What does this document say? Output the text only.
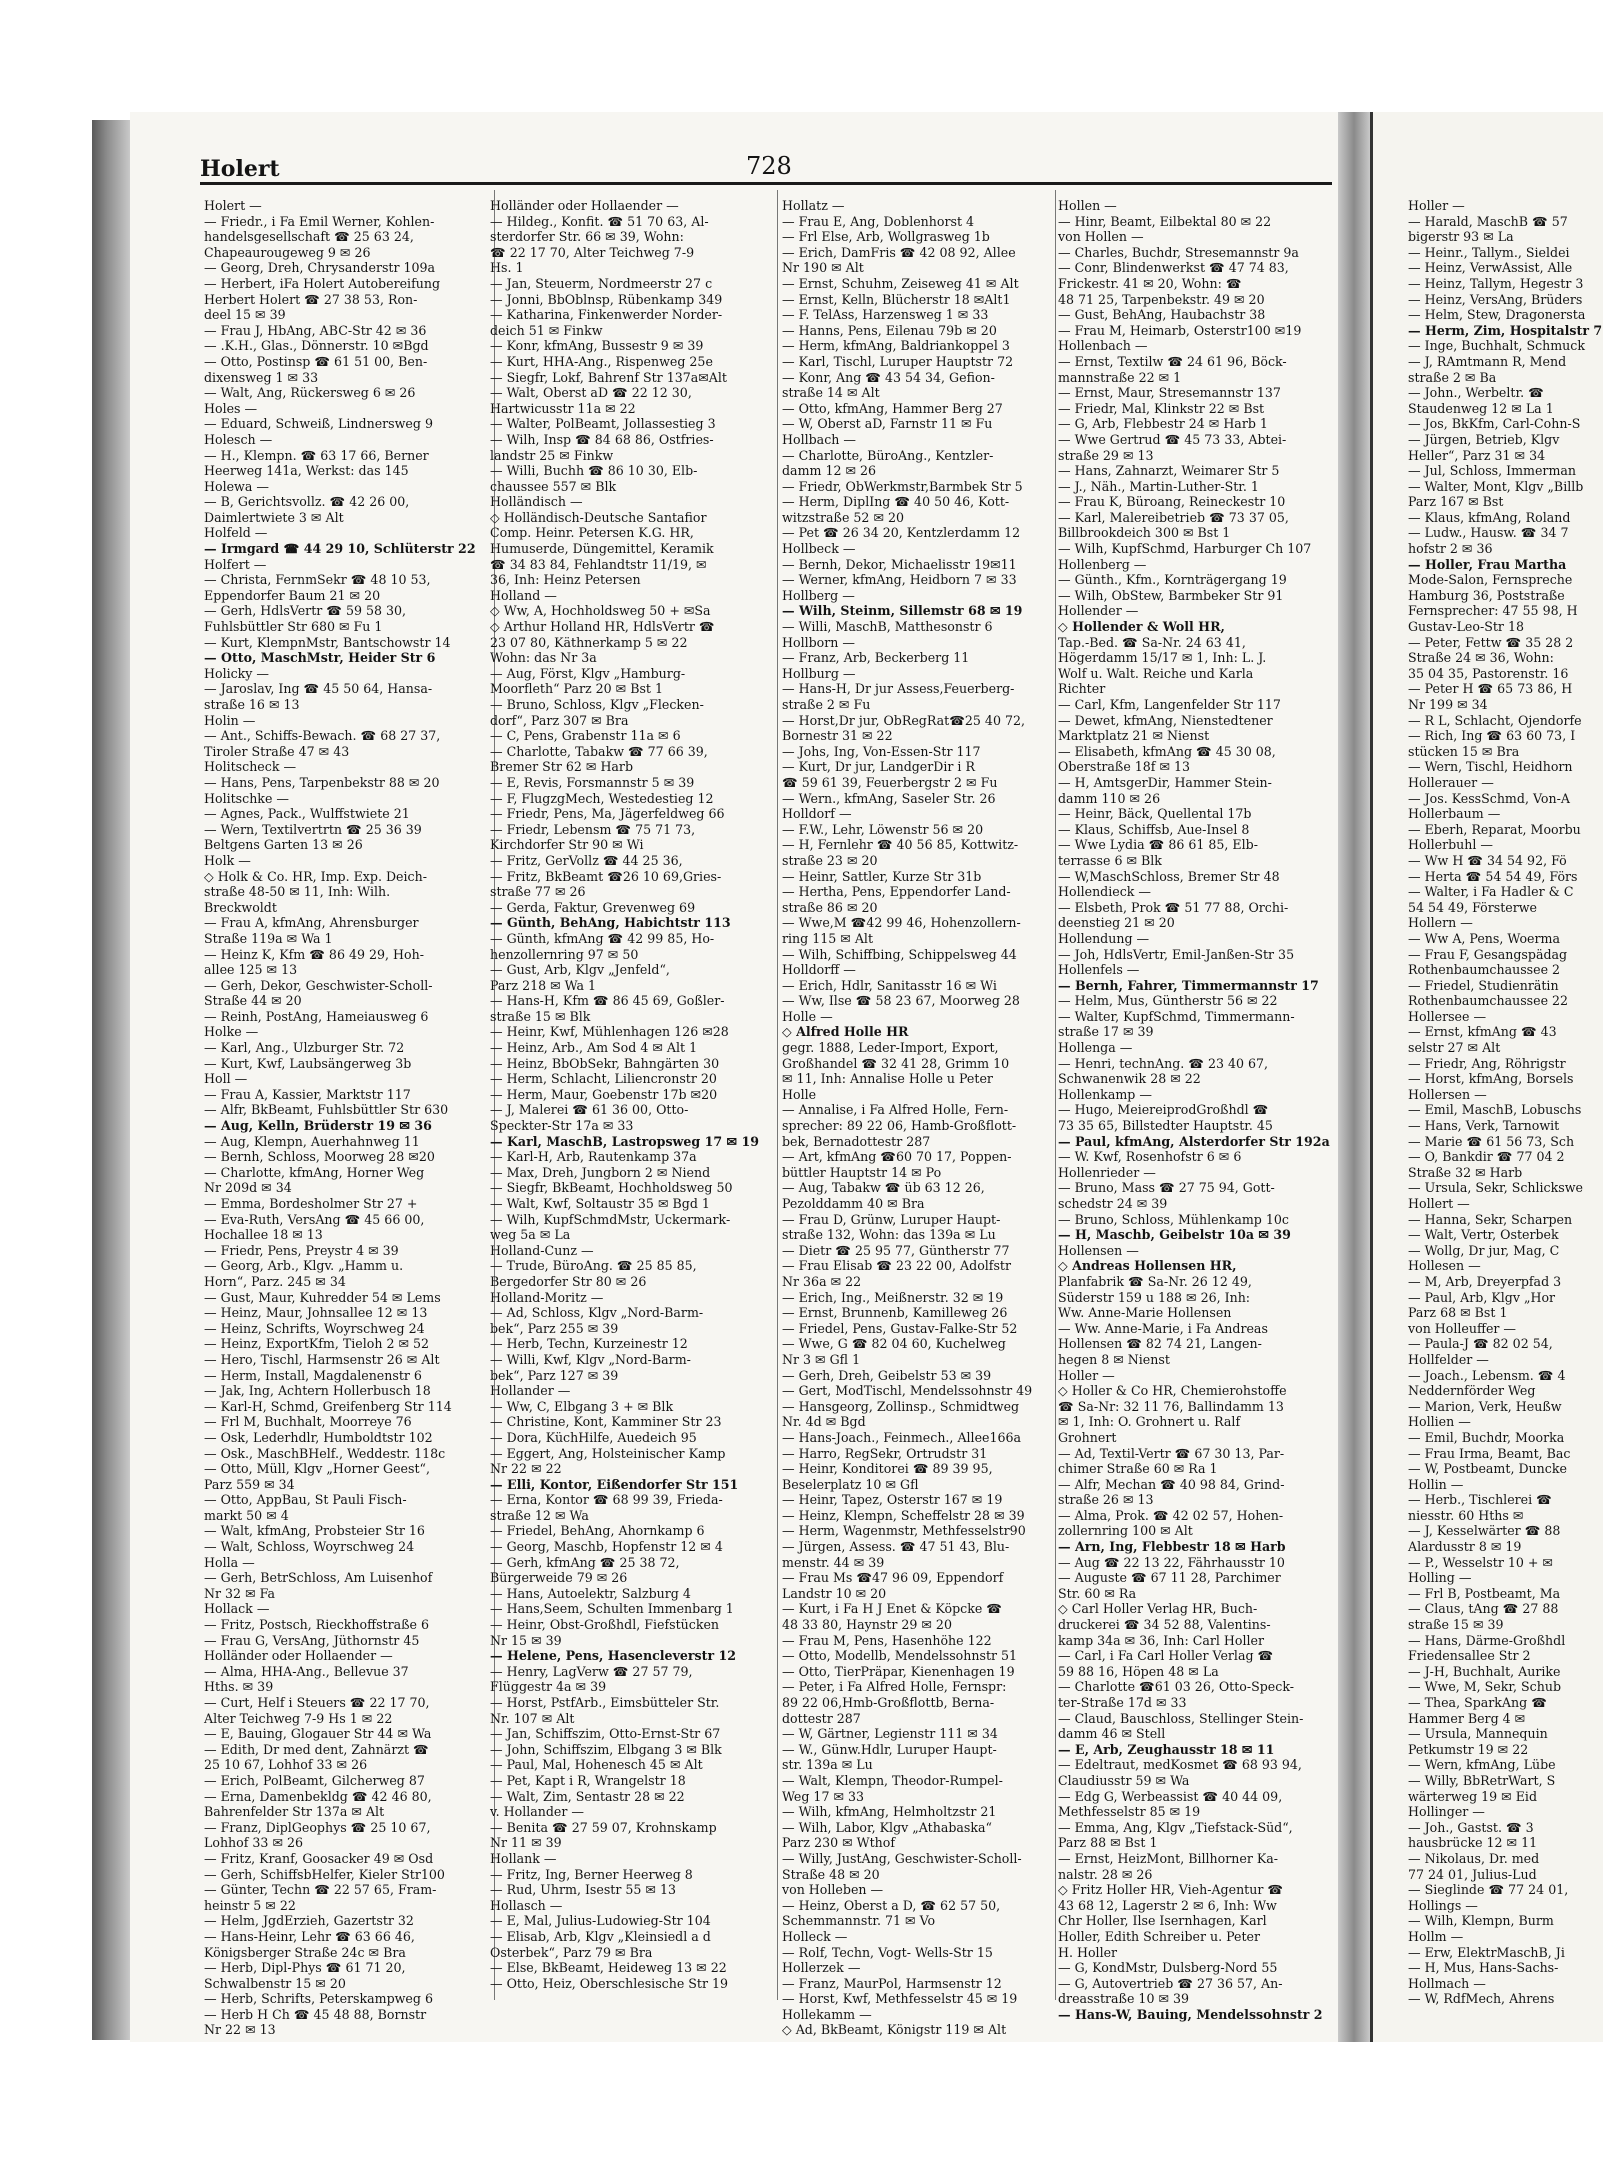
Holert	728
Holert —
— Friedr., i Fa Emil Werner, Kohlen-
handelsgesellschaft ☎ 25 63 24,
Chapeaurougeweg 9 ✉ 26
— Georg, Dreh, Chrysanderstr 109a
— Herbert, iFa Holert Autobereifung
Herbert Holert ☎ 27 38 53, Ron-
deel 15 ✉ 39
— Frau J, HbAng, ABC-Str 42 ✉ 36
— .K.H., Glas., Dönnerstr. 10 ✉Bgd
— Otto, Postinsp ☎ 61 51 00, Ben-
dixensweg 1 ✉ 33
— Walt, Ang, Rückersweg 6 ✉ 26
Holes —
— Eduard, Schweiß, Lindnersweg 9
Holesch —
— H., Klempn. ☎ 63 17 66, Berner
Heerweg 141a, Werkst: das 145
Holewa —
— B, Gerichtsvollz. ☎ 42 26 00,
Daimlertwiete 3 ✉ Alt
Holfeld —
— Irmgard ☎ 44 29 10, Schlüterstr 22
Holfert —
— Christa, FernmSekr ☎ 48 10 53,
Eppendorfer Baum 21 ✉ 20
— Gerh, HdlsVertr ☎ 59 58 30,
Fuhlsbüttler Str 680 ✉ Fu 1
— Kurt, KlempnMstr, Bantschowstr 14
— Otto, MaschMstr, Heider Str 6
Holicky —
— Jaroslav, Ing ☎ 45 50 64, Hansa-
straße 16 ✉ 13
Holin —
— Ant., Schiffs-Bewach. ☎ 68 27 37,
Tiroler Straße 47 ✉ 43
Holitscheck —
— Hans, Pens, Tarpenbekstr 88 ✉ 20
Holitschke —
— Agnes, Pack., Wulffstwiete 21
— Wern, Textilvertrtn ☎ 25 36 39
Beltgens Garten 13 ✉ 26
Holk —
◇ Holk & Co. HR, Imp. Exp. Deich-
straße 48-50 ✉ 11, Inh: Wilh.
Breckwoldt
— Frau A, kfmAng, Ahrensburger
Straße 119a ✉ Wa 1
— Heinz K, Kfm ☎ 86 49 29, Hoh-
allee 125 ✉ 13
— Gerh, Dekor, Geschwister-Scholl-
Straße 44 ✉ 20
— Reinh, PostAng, Hameiausweg 6
Holke —
— Karl, Ang., Ulzburger Str. 72
— Kurt, Kwf, Laubsängerweg 3b
Holl —
— Frau A, Kassier, Marktstr 117
— Alfr, BkBeamt, Fuhlsbüttler Str 630
— Aug, Kelln, Brüderstr 19 ✉ 36
— Aug, Klempn, Auerhahnweg 11
— Bernh, Schloss, Moorweg 28 ✉20
— Charlotte, kfmAng, Horner Weg
Nr 209d ✉ 34
— Emma, Bordesholmer Str 27 +
— Eva-Ruth, VersAng ☎ 45 66 00,
Hochallee 18 ✉ 13
— Friedr, Pens, Preystr 4 ✉ 39
— Georg, Arb., Klgv. „Hamm u.
Horn“, Parz. 245 ✉ 34
— Gust, Maur, Kuhredder 54 ✉ Lems
— Heinz, Maur, Johnsallee 12 ✉ 13
— Heinz, Schrifts, Woyrschweg 24
— Heinz, ExportKfm, Tieloh 2 ✉ 52
— Hero, Tischl, Harmsenstr 26 ✉ Alt
— Herm, Install, Magdalenenstr 6
— Jak, Ing, Achtern Hollerbusch 18
— Karl-H, Schmd, Greifenberg Str 114
— Frl M, Buchhalt, Moorreye 76
— Osk, Lederhdlr, Humboldtstr 102
— Osk., MaschBHelf., Weddestr. 118c
— Otto, Müll, Klgv „Horner Geest“,
Parz 559 ✉ 34
— Otto, AppBau, St Pauli Fisch-
markt 50 ✉ 4
— Walt, kfmAng, Probsteier Str 16
— Walt, Schloss, Woyrschweg 24
Holla —
— Gerh, BetrSchloss, Am Luisenhof
Nr 32 ✉ Fa
Hollack —
— Fritz, Postsch, Rieckhoffstraße 6
— Frau G, VersAng, Jüthornstr 45
Holländer oder Hollaender —
— Alma, HHA-Ang., Bellevue 37
Hths. ✉ 39
— Curt, Helf i Steuers ☎ 22 17 70,
Alter Teichweg 7-9 Hs 1 ✉ 22
— E, Bauing, Glogauer Str 44 ✉ Wa
— Edith, Dr med dent, Zahnärzt ☎
25 10 67, Lohhof 33 ✉ 26
— Erich, PolBeamt, Gilcherweg 87
— Erna, Damenbekldg ☎ 42 46 80,
Bahrenfelder Str 137a ✉ Alt
— Franz, DiplGeophys ☎ 25 10 67,
Lohhof 33 ✉ 26
— Fritz, Kranf, Goosacker 49 ✉ Osd
— Gerh, SchiffsbHelfer, Kieler Str100
— Günter, Techn ☎ 22 57 65, Fram-
heinstr 5 ✉ 22
— Helm, JgdErzieh, Gazertstr 32
— Hans-Heinr, Lehr ☎ 63 66 46,
Königsberger Straße 24c ✉ Bra
— Herb, Dipl-Phys ☎ 61 71 20,
Schwalbenstr 15 ✉ 20
— Herb, Schrifts, Peterskampweg 6
— Herb H Ch ☎ 45 48 88, Bornstr
Nr 22 ✉ 13
Holländer oder Hollaender —
— Hildeg., Konfit. ☎ 51 70 63, Al-
sterdorfer Str. 66 ✉ 39, Wohn:
☎ 22 17 70, Alter Teichweg 7-9
Hs. 1
— Jan, Steuerm, Nordmeerstr 27 c
— Jonni, BbOblnsp, Rübenkamp 349
— Katharina, Finkenwerder Norder-
deich 51 ✉ Finkw
— Konr, kfmAng, Bussestr 9 ✉ 39
— Kurt, HHA-Ang., Rispenweg 25e
— Siegfr, Lokf, Bahrenf Str 137a✉Alt
— Walt, Oberst aD ☎ 22 12 30,
Hartwicusstr 11a ✉ 22
— Walter, PolBeamt, Jollassestieg 3
— Wilh, Insp ☎ 84 68 86, Ostfries-
landstr 25 ✉ Finkw
— Willi, Buchh ☎ 86 10 30, Elb-
chaussee 557 ✉ Blk
Holländisch —
◇ Holländisch-Deutsche Santafior
Comp. Heinr. Petersen K.G. HR,
Humuserde, Düngemittel, Keramik
☎ 34 83 84, Fehlandtstr 11/19, ✉
36, Inh: Heinz Petersen
Holland —
◇ Ww, A, Hochholdsweg 50 + ✉Sa
◇ Arthur Holland HR, HdlsVertr ☎
23 07 80, Käthnerkamp 5 ✉ 22
Wohn: das Nr 3a
— Aug, Först, Klgv „Hamburg-
Moorfleth“ Parz 20 ✉ Bst 1
— Bruno, Schloss, Klgv „Flecken-
dorf“, Parz 307 ✉ Bra
— C, Pens, Grabenstr 11a ✉ 6
— Charlotte, Tabakw ☎ 77 66 39,
Bremer Str 62 ✉ Harb
— E, Revis, Forsmannstr 5 ✉ 39
— F, FlugzgMech, Westedestieg 12
— Friedr, Pens, Ma, Jägerfeldweg 66
— Friedr, Lebensm ☎ 75 71 73,
Kirchdorfer Str 90 ✉ Wi
— Fritz, GerVollz ☎ 44 25 36,
— Fritz, BkBeamt ☎26 10 69,Gries-
straße 77 ✉ 26
— Gerda, Faktur, Grevenweg 69
— Günth, BehAng, Habichtstr 113
— Günth, kfmAng ☎ 42 99 85, Ho-
henzollernring 97 ✉ 50
— Gust, Arb, Klgv „Jenfeld“,
Parz 218 ✉ Wa 1
— Hans-H, Kfm ☎ 86 45 69, Goßler-
straße 15 ✉ Blk
— Heinr, Kwf, Mühlenhagen 126 ✉28
— Heinz, Arb., Am Sod 4 ✉ Alt 1
— Heinz, BbObSekr, Bahngärten 30
— Herm, Schlacht, Liliencronstr 20
— Herm, Maur, Goebenstr 17b ✉20
— J, Malerei ☎ 61 36 00, Otto-
Speckter-Str 17a ✉ 33
— Karl, MaschB, Lastropsweg 17 ✉ 19
— Karl-H, Arb, Rautenkamp 37a
— Max, Dreh, Jungborn 2 ✉ Niend
— Siegfr, BkBeamt, Hochholdsweg 50
— Walt, Kwf, Soltaustr 35 ✉ Bgd 1
— Wilh, KupfSchmdMstr, Uckermark-
weg 5a ✉ La
Holland-Cunz —
— Trude, BüroAng. ☎ 25 85 85,
Bergedorfer Str 80 ✉ 26
Holland-Moritz —
— Ad, Schloss, Klgv „Nord-Barm-
bek“, Parz 255 ✉ 39
— Herb, Techn, Kurzeinestr 12
— Willi, Kwf, Klgv „Nord-Barm-
bek“, Parz 127 ✉ 39
Hollander —
— Ww, C, Elbgang 3 + ✉ Blk
— Christine, Kont, Kamminer Str 23
— Dora, KüchHilfe, Auedeich 95
— Eggert, Ang, Holsteinischer Kamp
Nr 22 ✉ 22
— Elli, Kontor, Eißendorfer Str 151
— Erna, Kontor ☎ 68 99 39, Frieda-
straße 12 ✉ Wa
— Friedel, BehAng, Ahornkamp 6
— Georg, Maschb, Hopfenstr 12 ✉ 4
— Gerh, kfmAng ☎ 25 38 72,
Bürgerweide 79 ✉ 26
— Hans, Autoelektr, Salzburg 4
— Hans,Seem, Schulten Immenbarg 1
— Heinr, Obst-Großhdl, Fiefstücken
Nr 15 ✉ 39
— Helene, Pens, Hasencleverstr 12
— Henry, LagVerw ☎ 27 57 79,
Flüggestr 4a ✉ 39
— Horst, PstfArb., Eimsbütteler Str.
Nr. 107 ✉ Alt
— Jan, Schiffszim, Otto-Ernst-Str 67
— John, Schiffszim, Elbgang 3 ✉ Blk
— Paul, Mal, Hohenesch 45 ✉ Alt
— Pet, Kapt i R, Wrangelstr 18
— Walt, Zim, Sentastr 28 ✉ 22
v. Hollander —
— Benita ☎ 27 59 07, Krohnskamp
Nr 11 ✉ 39
Hollank —
— Fritz, Ing, Berner Heerweg 8
— Rud, Uhrm, Isestr 55 ✉ 13
Hollasch —
— E, Mal, Julius-Ludowieg-Str 104
— Elisab, Arb, Klgv „Kleinsiedl a d
Osterbek“, Parz 79 ✉ Bra
— Else, BkBeamt, Heideweg 13 ✉ 22
— Otto, Heiz, Oberschlesische Str 19
Hollatz —
— Frau E, Ang, Doblenhorst 4
— Frl Else, Arb, Wollgrasweg 1b
— Erich, DamFris ☎ 42 08 92, Allee
Nr 190 ✉ Alt
— Ernst, Schuhm, Zeiseweg 41 ✉ Alt
— Ernst, Kelln, Blücherstr 18 ✉Alt1
— F. TelAss, Harzensweg 1 ✉ 33
— Hanns, Pens, Eilenau 79b ✉ 20
— Herm, kfmAng, Baldriankoppel 3
— Karl, Tischl, Luruper Hauptstr 72
— Konr, Ang ☎ 43 54 34, Gefion-
straße 14 ✉ Alt
— Otto, kfmAng, Hammer Berg 27
— W, Oberst aD, Farnstr 11 ✉ Fu
Hollbach —
— Charlotte, BüroAng., Kentzler-
damm 12 ✉ 26
— Friedr, ObWerkmstr,Barmbek Str 5
— Herm, DiplIng ☎ 40 50 46, Kott-
witzstraße 52 ✉ 20
— Pet ☎ 26 34 20, Kentzlerdamm 12
Hollbeck —
— Bernh, Dekor, Michaelisstr 19✉11
— Werner, kfmAng, Heidborn 7 ✉ 33
Hollberg —
— Wilh, Steinm, Sillemstr 68 ✉ 19
— Willi, MaschB, Matthesonstr 6
Hollborn —
— Franz, Arb, Beckerberg 11
Hollburg —
— Hans-H, Dr jur Assess,Feuerberg-
straße 2 ✉ Fu
— Horst,Dr jur, ObRegRat☎25 40 72,
Bornestr 31 ✉ 22
— Johs, Ing, Von-Essen-Str 117
— Kurt, Dr jur, LandgerDir i R
☎ 59 61 39, Feuerbergstr 2 ✉ Fu
— Wern., kfmAng, Saseler Str. 26
Holldorf —
— F.W., Lehr, Löwenstr 56 ✉ 20
— H, Fernlehr ☎ 40 56 85, Kottwitz-
straße 23 ✉ 20
— Heinr, Sattler, Kurze Str 31b
— Hertha, Pens, Eppendorfer Land-
straße 86 ✉ 20
— Wwe,M ☎42 99 46, Hohenzollern-
ring 115 ✉ Alt
— Wilh, Schiffbing, Schippelsweg 44
Holldorff —
— Erich, Hdlr, Sanitasstr 16 ✉ Wi
— Ww, Ilse ☎ 58 23 67, Moorweg 28
Holle —
◇ Alfred Holle HR
gegr. 1888, Leder-Import, Export,
Großhandel ☎ 32 41 28, Grimm 10
✉ 11, Inh: Annalise Holle u Peter
Holle
— Annalise, i Fa Alfred Holle, Fern-
sprecher: 89 22 06, Hamb-Großflott-
bek, Bernadottestr 287
— Art, kfmAng ☎60 70 17, Poppen-
büttler Hauptstr 14 ✉ Po
— Aug, Tabakw ☎ üb 63 12 26,
Pezolddamm 40 ✉ Bra
— Frau D, Grünw, Luruper Haupt-
straße 132, Wohn: das 139a ✉ Lu
— Dietr ☎ 25 95 77, Güntherstr 77
— Frau Elisab ☎ 23 22 00, Adolfstr
Nr 36a ✉ 22
— Erich, Ing., Meißnerstr. 32 ✉ 19
— Ernst, Brunnenb, Kamilleweg 26
— Friedel, Pens, Gustav-Falke-Str 52
— Wwe, G ☎ 82 04 60, Kuchelweg
Nr 3 ✉ Gfl 1
— Gerh, Dreh, Geibelstr 53 ✉ 39
— Gert, ModTischl, Mendelssohnstr 49
— Hansgeorg, Zollinsp., Schmidtweg
Nr. 4d ✉ Bgd
— Hans-Joach., Feinmech., Allee166a
— Harro, RegSekr, Ortrudstr 31
— Heinr, Konditorei ☎ 89 39 95,
Beselerplatz 10 ✉ Gfl
— Heinr, Tapez, Osterstr 167 ✉ 19
— Heinz, Klempn, Scheffelstr 28 ✉ 39
— Herm, Wagenmstr, Methfesselstr90
— Jürgen, Assess. ☎ 47 51 43, Blu-
menstr. 44 ✉ 39
— Frau Ms ☎47 96 09, Eppendorf
Landstr 10 ✉ 20
— Kurt, i Fa H J Enet & Köpcke ☎
48 33 80, Haynstr 29 ✉ 20
— Frau M, Pens, Hasenhöhe 122
— Otto, Modellb, Mendelssohnstr 51
— Otto, TierPräpar, Kienenhagen 19
— Peter, i Fa Alfred Holle, Fernspr:
89 22 06,Hmb-Großflottb, Berna-
dottestr 287
— W, Gärtner, Legienstr 111 ✉ 34
— W., Günw.Hdlr, Luruper Haupt-
str. 139a ✉ Lu
— Walt, Klempn, Theodor-Rumpel-
Weg 17 ✉ 33
— Wilh, kfmAng, Helmholtzstr 21
— Wilh, Labor, Klgv „Athabaska“
Parz 230 ✉ Wthof
— Willy, JustAng, Geschwister-Scholl-
Straße 48 ✉ 20
von Holleben —
— Heinz, Oberst a D, ☎ 62 57 50,
Schemmannstr. 71 ✉ Vo
Holleck —
— Rolf, Techn, Vogt- Wells-Str 15
Hollerzek —
— Franz, MaurPol, Harmsenstr 12
— Horst, Kwf, Methfesselstr 45 ✉ 19
Hollekamm —
◇ Ad, BkBeamt, Königstr 119 ✉ Alt
Hollen —
— Hinr, Beamt, Eilbektal 80 ✉ 22
von Hollen —
— Charles, Buchdr, Stresemannstr 9a
— Conr, Blindenwerkst ☎ 47 74 83,
Frickestr. 41 ✉ 20, Wohn: ☎
48 71 25, Tarpenbekstr. 49 ✉ 20
— Gust, BehAng, Haubachstr 38
— Frau M, Heimarb, Osterstr100 ✉19
Hollenbach —
— Ernst, Textilw ☎ 24 61 96, Böck-
mannstraße 22 ✉ 1
— Ernst, Maur, Stresemannstr 137
— Friedr, Mal, Klinkstr 22 ✉ Bst
— G, Arb, Flebbestr 24 ✉ Harb 1
— Wwe Gertrud ☎ 45 73 33, Abtei-
straße 29 ✉ 13
— Hans, Zahnarzt, Weimarer Str 5
— J., Näh., Martin-Luther-Str. 1
— Frau K, Büroang, Reineckestr 10
— Karl, Malereibetrieb ☎ 73 37 05,
Billbrookdeich 300 ✉ Bst 1
— Wilh, KupfSchmd, Harburger Ch 107
Hollenberg —
— Günth., Kfm., Kornträgergang 19
— Wilh, ObStew, Barmbeker Str 91
Hollender —
◇ Hollender & Woll HR,
Tap.-Bed. ☎ Sa-Nr. 24 63 41,
Högerdamm 15/17 ✉ 1, Inh: L. J.
Wolf u. Walt. Reiche und Karla
Richter
— Carl, Kfm, Langenfelder Str 117
— Dewet, kfmAng, Nienstedtener
Marktplatz 21 ✉ Nienst
— Elisabeth, kfmAng ☎ 45 30 08,
Oberstraße 18f ✉ 13
— H, AmtsgerDir, Hammer Stein-
damm 110 ✉ 26
— Heinr, Bäck, Quellental 17b
— Klaus, Schiffsb, Aue-Insel 8
— Wwe Lydia ☎ 86 61 85, Elb-
terrasse 6 ✉ Blk
— W,MaschSchloss, Bremer Str 48
Hollendieck —
— Elsbeth, Prok ☎ 51 77 88, Orchi-
deenstieg 21 ✉ 20
Hollendung —
— Joh, HdlsVertr, Emil-Janßen-Str 35
Hollenfels —
— Bernh, Fahrer, Timmermannstr 17
— Helm, Mus, Güntherstr 56 ✉ 22
— Walter, KupfSchmd, Timmermann-
straße 17 ✉ 39
Hollenga —
— Henri, technAng. ☎ 23 40 67,
Schwanenwik 28 ✉ 22
Hollenkamp —
— Hugo, MeiereiprodGroßhdl ☎
73 35 65, Billstedter Hauptstr. 45
— Paul, kfmAng, Alsterdorfer Str 192a
— W. Kwf, Rosenhofstr 6 ✉ 6
Hollenrieder —
— Bruno, Mass ☎ 27 75 94, Gott-
schedstr 24 ✉ 39
— Bruno, Schloss, Mühlenkamp 10c
— H, Maschb, Geibelstr 10a ✉ 39
Hollensen —
◇ Andreas Hollensen HR,
Planfabrik ☎ Sa-Nr. 26 12 49,
Süderstr 159 u 188 ✉ 26, Inh:
Ww. Anne-Marie Hollensen
— Ww. Anne-Marie, i Fa Andreas
Hollensen ☎ 82 74 21, Langen-
hegen 8 ✉ Nienst
Holler —
◇ Holler & Co HR, Chemierohstoffe
☎ Sa-Nr: 32 11 76, Ballindamm 13
✉ 1, Inh: O. Grohnert u. Ralf
Grohnert
— Ad, Textil-Vertr ☎ 67 30 13, Par-
chimer Straße 60 ✉ Ra 1
— Alfr, Mechan ☎ 40 98 84, Grind-
straße 26 ✉ 13
— Alma, Prok. ☎ 42 02 57, Hohen-
zollernring 100 ✉ Alt
— Arn, Ing, Flebbestr 18 ✉ Harb
— Aug ☎ 22 13 22, Fährhausstr 10
— Auguste ☎ 67 11 28, Parchimer
Str. 60 ✉ Ra
◇ Carl Holler Verlag HR, Buch-
druckerei ☎ 34 52 88, Valentins-
kamp 34a ✉ 36, Inh: Carl Holler
— Carl, i Fa Carl Holler Verlag ☎
59 88 16, Höpen 48 ✉ La
— Charlotte ☎61 03 26, Otto-Speck-
ter-Straße 17d ✉ 33
— Claud, Bauschloss, Stellinger Stein-
damm 46 ✉ Stell
— E, Arb, Zeughausstr 18 ✉ 11
— Edeltraut, medKosmet ☎ 68 93 94,
Claudiusstr 59 ✉ Wa
— Edg G, Werbeassist ☎ 40 44 09,
Methfesselstr 85 ✉ 19
— Emma, Ang, Klgv „Tiefstack-Süd“,
Parz 88 ✉ Bst 1
— Ernst, HeizMont, Billhorner Ka-
nalstr. 28 ✉ 26
◇ Fritz Holler HR, Vieh-Agentur ☎
43 68 12, Lagerstr 2 ✉ 6, Inh: Ww
Chr Holler, Ilse Isernhagen, Karl
Holler, Edith Schreiber u. Peter
H. Holler
— G, KondMstr, Dulsberg-Nord 55
— G, Autovertrieb ☎ 27 36 57, An-
dreasstraße 10 ✉ 39
— Hans-W, Bauing, Mendelssohnstr 2
Holler —
— Harald, MaschB ☎ 57
bigerstr 93 ✉ La
— Heinr., Tallym., Sieldei
— Heinz, VerwAssist, Alle
— Heinz, Tallym, Hegestr 3
— Heinz, VersAng, Brüders
— Helm, Stew, Dragonersta
— Herm, Zim, Hospitalstr 7
— Inge, Buchhalt, Schmuck
— J, RAmtmann R, Mend
straße 2 ✉ Ba
— John., Werbeltr. ☎
Staudenweg 12 ✉ La 1
— Jos, BkKfm, Carl-Cohn-S
— Jürgen, Betrieb, Klgv
Heller“, Parz 31 ✉ 34
— Jul, Schloss, Immerman
— Walter, Mont, Klgv „Billb
Parz 167 ✉ Bst
— Klaus, kfmAng, Roland
— Ludw., Hausw. ☎ 34 7
hofstr 2 ✉ 36
— Holler, Frau Martha
Mode-Salon, Fernspreche
Hamburg 36, Poststraße
Fernsprecher: 47 55 98, H
Gustav-Leo-Str 18
— Peter, Fettw ☎ 35 28 2
Straße 24 ✉ 36, Wohn:
35 04 35, Pastorenstr. 16
— Peter H ☎ 65 73 86, H
Nr 199 ✉ 34
— R L, Schlacht, Ojendorfe
— Rich, Ing ☎ 63 60 73, I
stücken 15 ✉ Bra
— Wern, Tischl, Heidhorn
Hollerauer —
— Jos. KessSchmd, Von-A
Hollerbaum —
— Eberh, Reparat, Moorbu
Hollerbuhl —
— Ww H ☎ 34 54 92, Fö
— Herta ☎ 54 54 49, Förs
— Walter, i Fa Hadler & C
54 54 49, Försterwe
Hollern —
— Ww A, Pens, Woerma
— Frau F, Gesangspädag
Rothenbaumchaussee 2
— Friedel, Studienrätin
Rothenbaumchaussee 22
Hollersee —
— Ernst, kfmAng ☎ 43
selstr 27 ✉ Alt
— Friedr, Ang, Röhrigstr
— Horst, kfmAng, Borsels
Hollersen —
— Emil, MaschB, Lobuschs
— Hans, Verk, Tarnowit
— Marie ☎ 61 56 73, Sch
— O, Bankdir ☎ 77 04 2
Straße 32 ✉ Harb
— Ursula, Sekr, Schlickswe
Hollert —
— Hanna, Sekr, Scharpen
— Walt, Vertr, Osterbek
— Wollg, Dr jur, Mag, C
Hollesen —
— M, Arb, Dreyerpfad 3
— Paul, Arb, Klgv „Hor
Parz 68 ✉ Bst 1
von Holleuffer —
— Paula-J ☎ 82 02 54,
Hollfelder —
— Joach., Lebensm. ☎ 4
Neddernförder Weg
— Marion, Verk, Heußw
Hollien —
— Emil, Buchdr, Moorka
— Frau Irma, Beamt, Bac
— W, Postbeamt, Duncke
Hollin —
— Herb., Tischlerei ☎
niesstr. 60 Hths ✉
— J, Kesselwärter ☎ 88
Alardusstr 8 ✉ 19
— P., Wesselstr 10 + ✉
Holling —
— Frl B, Postbeamt, Ma
— Claus, tAng ☎ 27 88
straße 15 ✉ 39
— Hans, Därme-Großhdl
Friedensallee Str 2
— J-H, Buchhalt, Aurike
— Wwe, M, Sekr, Schub
— Thea, SparkAng ☎
Hammer Berg 4 ✉
— Ursula, Mannequin
Petkumstr 19 ✉ 22
— Wern, kfmAng, Lübe
— Willy, BbRetrWart, S
wärterweg 19 ✉ Eid
Hollinger —
— Joh., Gastst. ☎ 3
hausbrücke 12 ✉ 11
— Nikolaus, Dr. med
77 24 01, Julius-Lud
— Sieglinde ☎ 77 24 01,
Hollings —
— Wilh, Klempn, Burm
Hollm —
— Erw, ElektrMaschB, Ji
— H, Mus, Hans-Sachs-
Hollmach —
— W, RdfMech, Ahrens
